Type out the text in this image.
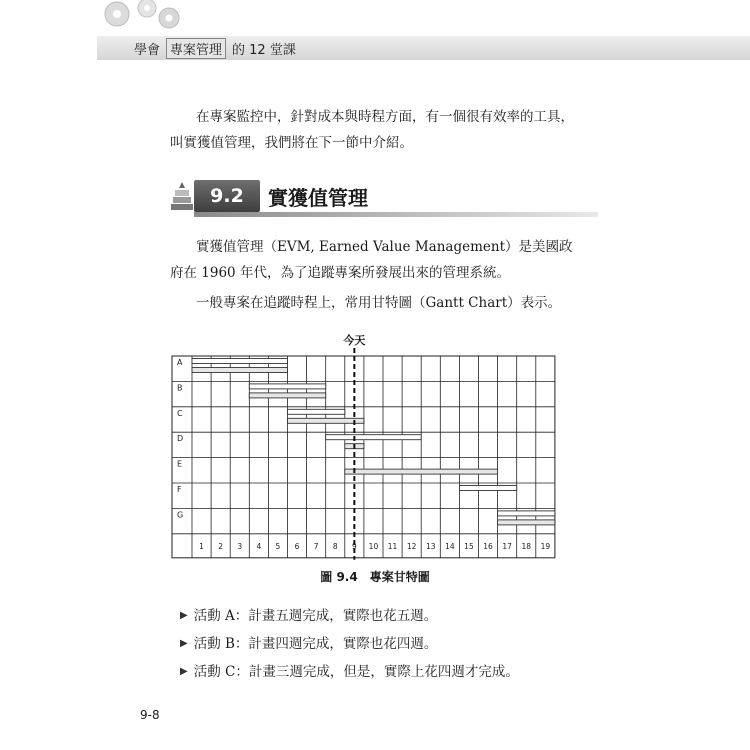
學會 專案管理 的 12 堂課

在專案監控中，針對成本與時程方面，有一個很有效率的工具，叫實獲值管理，我們將在下一節中介紹。

9.2	實獲值管理

實獲值管理（EVM, Earned Value Management）是美國政府在 1960 年代，為了追蹤專案所發展出來的管理系統。

一般專案在追蹤時程上，常用甘特圖（Gantt Chart）表示。

A
B
C
D
E
F
G
1 2 3 4 5 6 7 8 9 10 11 12 13 14 15 16 17 18 19
今天
圖 9.4　專案甘特圖
▶ 活動 A：計畫五週完成，實際也花五週。
▶ 活動 B：計畫四週完成，實際也花四週。
▶ 活動 C：計畫三週完成，但是，實際上花四週才完成。
9-8
